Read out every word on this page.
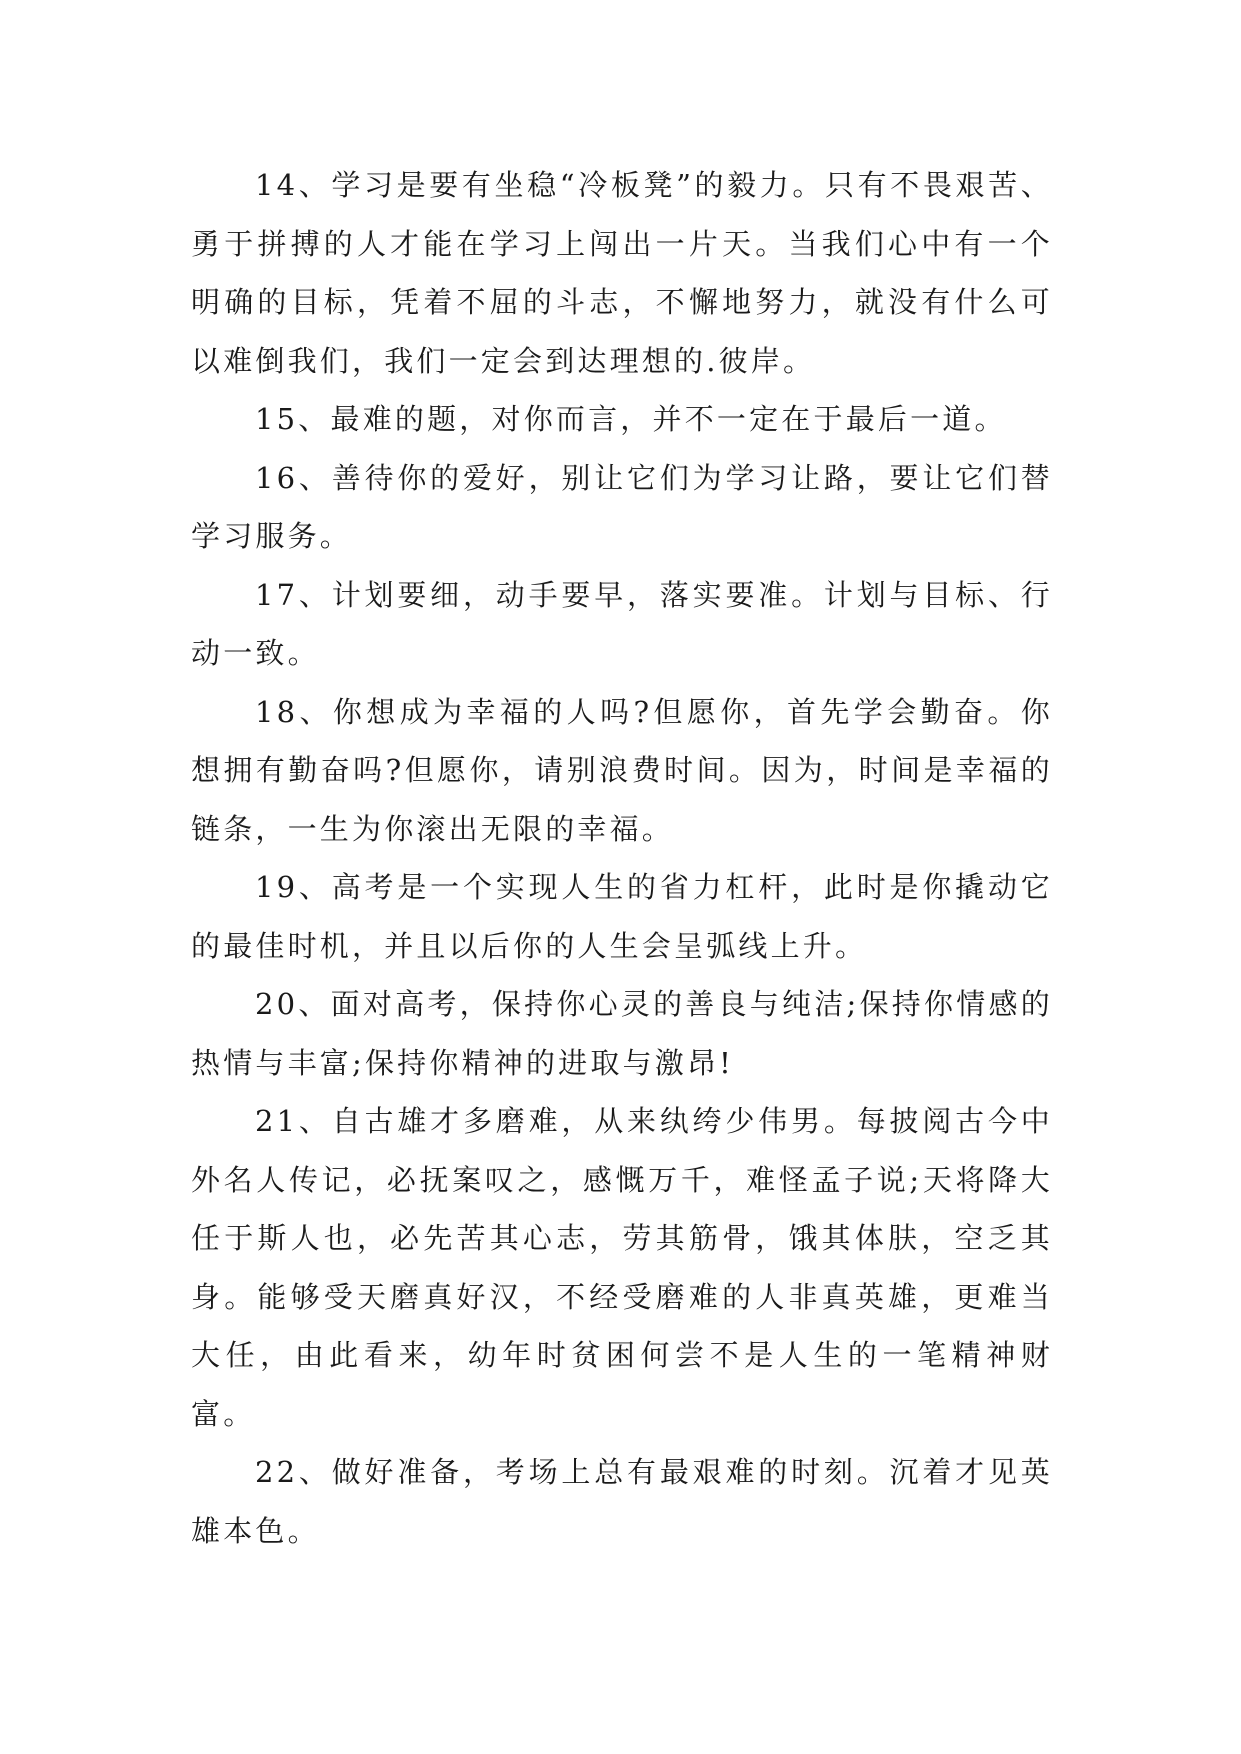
14、学习是要有坐稳“冷板凳”的毅力。只有不畏艰苦、勇于拼搏的人才能在学习上闯出一片天。当我们心中有一个明确的目标，凭着不屈的斗志，不懈地努力，就没有什么可以难倒我们，我们一定会到达理想的.彼岸。

15、最难的题，对你而言，并不一定在于最后一道。

16、善待你的爱好，别让它们为学习让路，要让它们替学习服务。

17、计划要细，动手要早，落实要准。计划与目标、行动一致。

18、你想成为幸福的人吗?但愿你，首先学会勤奋。你想拥有勤奋吗?但愿你，请别浪费时间。因为，时间是幸福的链条，一生为你滚出无限的幸福。

19、高考是一个实现人生的省力杠杆，此时是你撬动它的最佳时机，并且以后你的人生会呈弧线上升。

20、面对高考，保持你心灵的善良与纯洁;保持你情感的热情与丰富;保持你精神的进取与激昂!

21、自古雄才多磨难，从来纨绔少伟男。每披阅古今中外名人传记，必抚案叹之，感慨万千，难怪孟子说;天将降大任于斯人也，必先苦其心志，劳其筋骨，饿其体肤，空乏其身。能够受天磨真好汉，不经受磨难的人非真英雄，更难当大任，由此看来，幼年时贫困何尝不是人生的一笔精神财富。

22、做好准备，考场上总有最艰难的时刻。沉着才见英雄本色。
